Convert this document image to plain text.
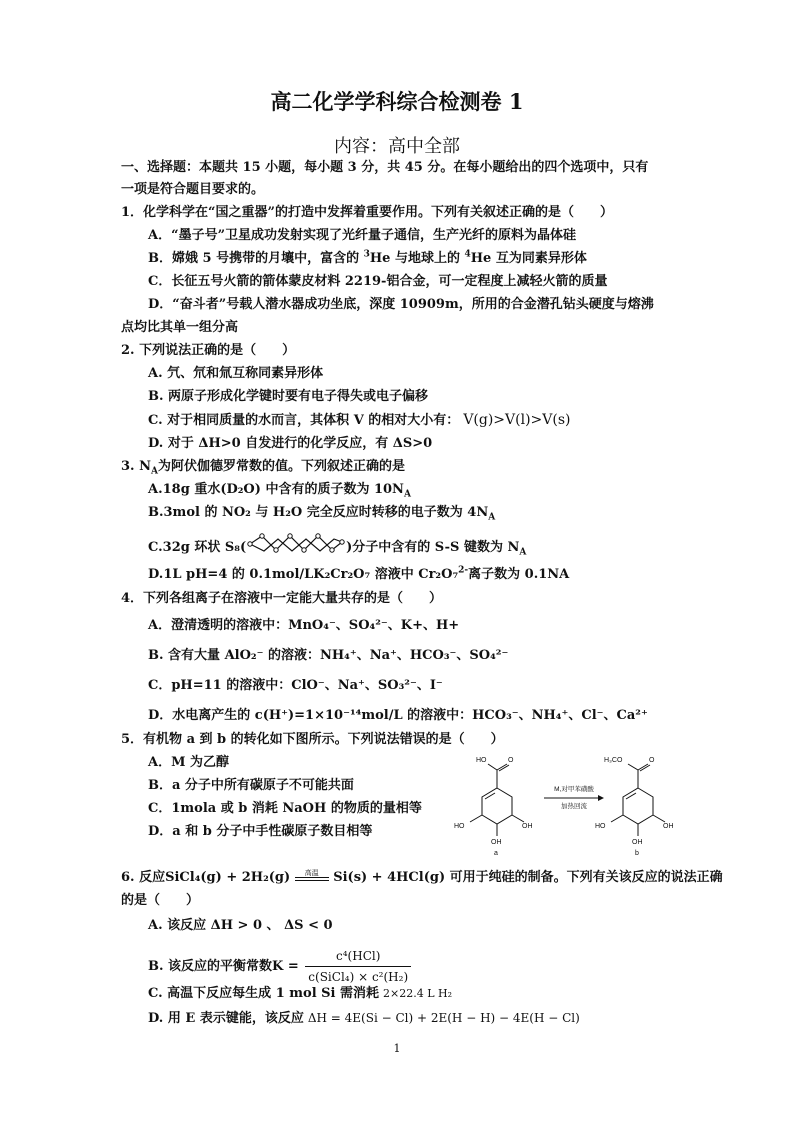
高二化学学科综合检测卷 1
内容：高中全部
一、选择题：本题共 15 小题，每小题 3 分，共 45 分。在每小题给出的四个选项中，只有
一项是符合题目要求的。
1．化学科学在“国之重器”的打造中发挥着重要作用。下列有关叙述正确的是（　　）
A．“墨子号”卫星成功发射实现了光纤量子通信，生产光纤的原料为晶体硅
B．嫦娥 5 号携带的月壤中，富含的 $^3$He 与地球上的 $^4$He 互为同素异形体
C．长征五号火箭的箭体蒙皮材料 2219-铝合金，可一定程度上减轻火箭的质量
D．“奋斗者”号载人潜水器成功坐底，深度 10909m，所用的合金潜孔钻头硬度与熔沸
点均比其单一组分高
2. 下列说法正确的是（　　）
A. 氕、氘和氚互称同素异形体
B. 两原子形成化学键时要有电子得失或电子偏移
C. 对于相同质量的水而言，其体积 V 的相对大小有： V(g)>V(l)>V(s)
D. 对于 ΔH>0 自发进行的化学反应，有 ΔS>0
3. $N_A$为阿伏伽德罗常数的值。下列叙述正确的是
A.18g 重水(D₂O) 中含有的质子数为 $10N_A$
B.3mol 的 NO₂ 与 H₂O 完全反应时转移的电子数为 $4N_A$
C.32g 环状 S₈(	)分子中含有的 S-S 键数为 $N_A$
D.1L pH=4 的 0.1mol/LK₂Cr₂O₇ 溶液中 Cr₂O₇$^{2-}$离子数为 0.1NA
4．下列各组离子在溶液中一定能大量共存的是（　　）
A．澄清透明的溶液中：MnO₄⁻、SO₄²⁻、K+、H+
B. 含有大量 AlO₂⁻ 的溶液：NH₄⁺、Na⁺、HCO₃⁻、SO₄²⁻
C．pH=11 的溶液中：ClO⁻、Na⁺、SO₃²⁻、I⁻
D．水电离产生的 c(H⁺)=1×10⁻¹⁴mol/L 的溶液中：HCO₃⁻、NH₄⁺、Cl⁻、Ca²⁺
5．有机物 a 到 b 的转化如下图所示。下列说法错误的是（　　）
A．M 为乙醇
B．a 分子中所有碳原子不可能共面
C．1mola 或 b 消耗 NaOH 的物质的量相等
D．a 和 b 分子中手性碳原子数目相等
HO	O
HO	OH
OH
a
M,对甲苯磺酸
加热回流
H₃CO	O
HO	OH
OH
b
6. 反应SiCl₄(g) + 2H₂(g)	高温 Si(s) + 4HCl(g) 可用于纯硅的制备。下列有关该反应的说法正确
的是（　　）
A. 该反应 ΔH > 0 、 ΔS < 0
B. 该反应的平衡常数$K = \frac{\text{c⁴(HCl)}}{\text{c(SiCl₄) × c²(H₂)}}$
C. 高温下反应每生成 1 mol Si 需消耗 2×22.4 L H₂
D. 用 E 表示键能，该反应 ΔH = 4E(Si − Cl) + 2E(H − H) − 4E(H − Cl)
1
